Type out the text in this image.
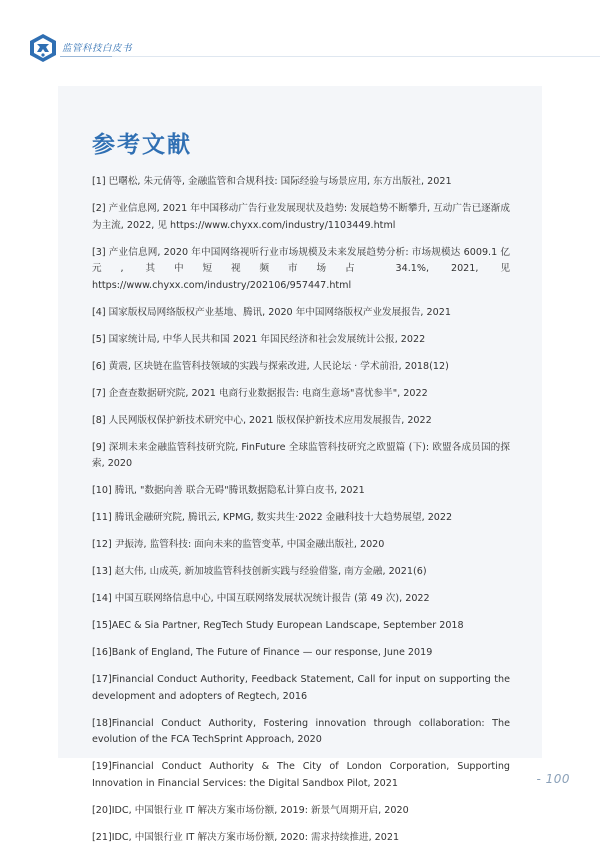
监管科技白皮书
参考文献
[1] 巴曙松, 朱元倩等, 金融监管和合规科技: 国际经验与场景应用, 东方出版社, 2021
[2] 产业信息网, 2021 年中国移动广告行业发展现状及趋势: 发展趋势不断攀升, 互动广告已逐渐成为主流, 2022, 见 https://www.chyxx.com/industry/1103449.html
[3] 产业信息网, 2020 年中国网络视听行业市场规模及未来发展趋势分析: 市场规模达 6009.1 亿元, 其中短视频市场占 34.1%, 2021, 见 https://www.chyxx.com/industry/202106/957447.html
[4] 国家版权局网络版权产业基地、腾讯, 2020 年中国网络版权产业发展报告, 2021
[5] 国家统计局, 中华人民共和国 2021 年国民经济和社会发展统计公报, 2022
[6] 黄震, 区块链在监管科技领域的实践与探索改进, 人民论坛 · 学术前沿, 2018(12)
[7] 企查查数据研究院, 2021 电商行业数据报告: 电商生意场"喜忧参半", 2022
[8] 人民网版权保护新技术研究中心, 2021 版权保护新技术应用发展报告, 2022
[9] 深圳未来金融监管科技研究院, FinFuture 全球监管科技研究之欧盟篇 (下): 欧盟各成员国的探索, 2020
[10] 腾讯, "数据向善 联合无碍"腾讯数据隐私计算白皮书, 2021
[11] 腾讯金融研究院, 腾讯云, KPMG, 数实共生·2022 金融科技十大趋势展望, 2022
[12] 尹振涛, 监管科技: 面向未来的监管变革, 中国金融出版社, 2020
[13] 赵大伟, 山成英, 新加坡监管科技创新实践与经验借鉴, 南方金融, 2021(6)
[14] 中国互联网络信息中心, 中国互联网络发展状况统计报告 (第 49 次), 2022
[15]AEC & Sia Partner, RegTech Study European Landscape, September 2018
[16]Bank of England, The Future of Finance — our response, June 2019
[17]Financial Conduct Authority, Feedback Statement, Call for input on supporting the development and adopters of Regtech, 2016
[18]Financial Conduct Authority, Fostering innovation through collaboration: The evolution of the FCA TechSprint Approach, 2020
[19]Financial Conduct Authority & The City of London Corporation, Supporting Innovation in Financial Services: the Digital Sandbox Pilot, 2021
[20]IDC, 中国银行业 IT 解决方案市场份额, 2019: 新景气周期开启, 2020
[21]IDC, 中国银行业 IT 解决方案市场份额, 2020: 需求持续推进, 2021
- 100
